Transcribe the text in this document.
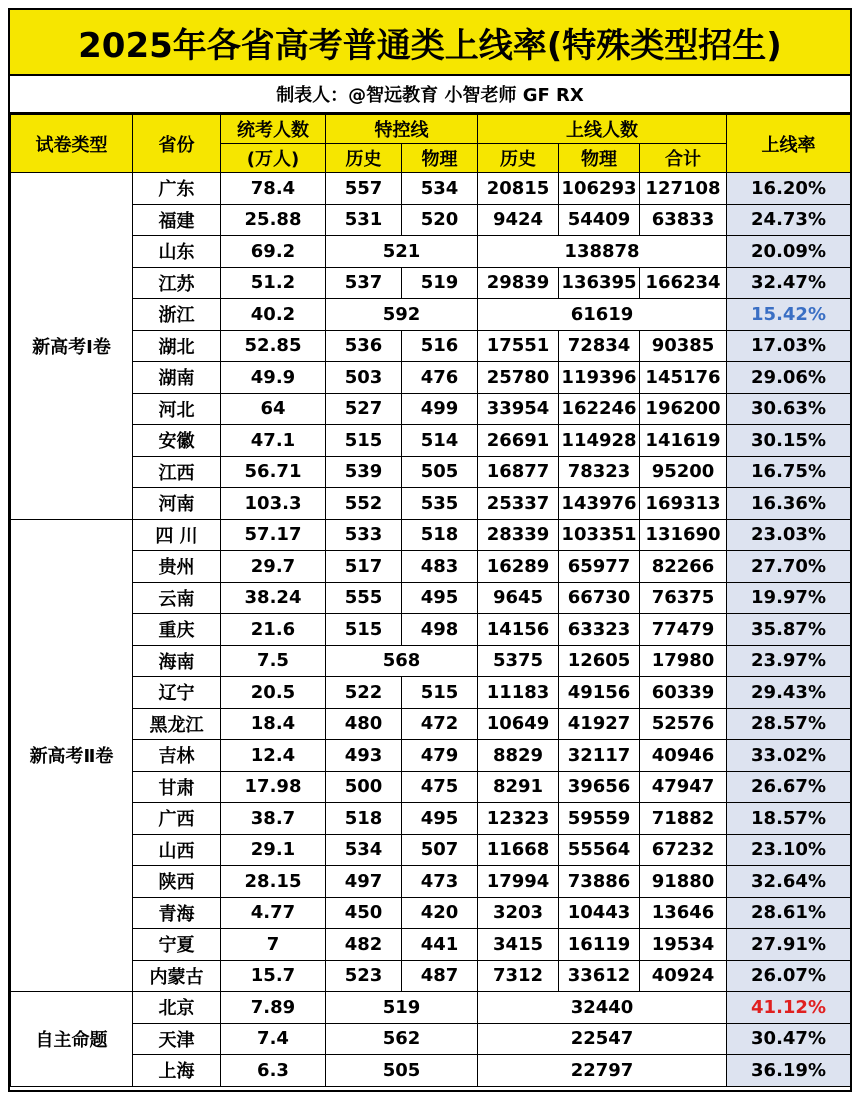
2025年各省高考普通类上线率(特殊类型招生)
制表人：@智远教育 小智老师 GF RX
试卷类型	省份	统考人数	特控线		上线人数			上线率
		(万人)	历史	物理	历史	物理	合计	
新高考Ⅰ卷	广东	78.4	557	534	20815	106293	127108	16.20%
	福建	25.88	531	520	9424	54409	63833	24.73%
	山东	69.2	521		138878			20.09%
	江苏	51.2	537	519	29839	136395	166234	32.47%
	浙江	40.2	592		61619			15.42%
	湖北	52.85	536	516	17551	72834	90385	17.03%
	湖南	49.9	503	476	25780	119396	145176	29.06%
	河北	64	527	499	33954	162246	196200	30.63%
	安徽	47.1	515	514	26691	114928	141619	30.15%
	江西	56.71	539	505	16877	78323	95200	16.75%
	河南	103.3	552	535	25337	143976	169313	16.36%
新高考Ⅱ卷	四 川	57.17	533	518	28339	103351	131690	23.03%
	贵州	29.7	517	483	16289	65977	82266	27.70%
	云南	38.24	555	495	9645	66730	76375	19.97%
	重庆	21.6	515	498	14156	63323	77479	35.87%
	海南	7.5	568		5375	12605	17980	23.97%
	辽宁	20.5	522	515	11183	49156	60339	29.43%
	黑龙江	18.4	480	472	10649	41927	52576	28.57%
	吉林	12.4	493	479	8829	32117	40946	33.02%
	甘肃	17.98	500	475	8291	39656	47947	26.67%
	广西	38.7	518	495	12323	59559	71882	18.57%
	山西	29.1	534	507	11668	55564	67232	23.10%
	陕西	28.15	497	473	17994	73886	91880	32.64%
	青海	4.77	450	420	3203	10443	13646	28.61%
	宁夏	7	482	441	3415	16119	19534	27.91%
	内蒙古	15.7	523	487	7312	33612	40924	26.07%
自主命题	北京	7.89	519		32440			41.12%
	天津	7.4	562		22547			30.47%
	上海	6.3	505		22797			36.19%
